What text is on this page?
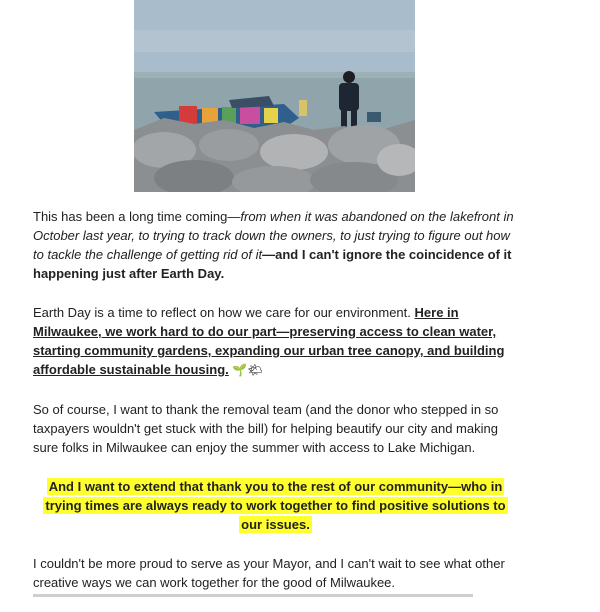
This has been a long time coming—from when it was abandoned on the lakefront in October last year, to trying to track down the owners, to just trying to figure out how to tackle the challenge of getting rid of it—and I can't ignore the coincidence of it happening just after Earth Day.

Earth Day is a time to reflect on how we care for our environment. Here in Milwaukee, we work hard to do our part—preserving access to clean water, starting community gardens, expanding our urban tree canopy, and building affordable sustainable housing. 🌱🌤

So of course, I want to thank the removal team (and the donor who stepped in so taxpayers wouldn't get stuck with the bill) for helping beautify our city and making sure folks in Milwaukee can enjoy the summer with access to Lake Michigan.

And I want to extend that thank you to the rest of our community—who in trying times are always ready to work together to find positive solutions to our issues.

I couldn't be more proud to serve as your Mayor, and I can't wait to see what other creative ways we can work together for the good of Milwaukee.
